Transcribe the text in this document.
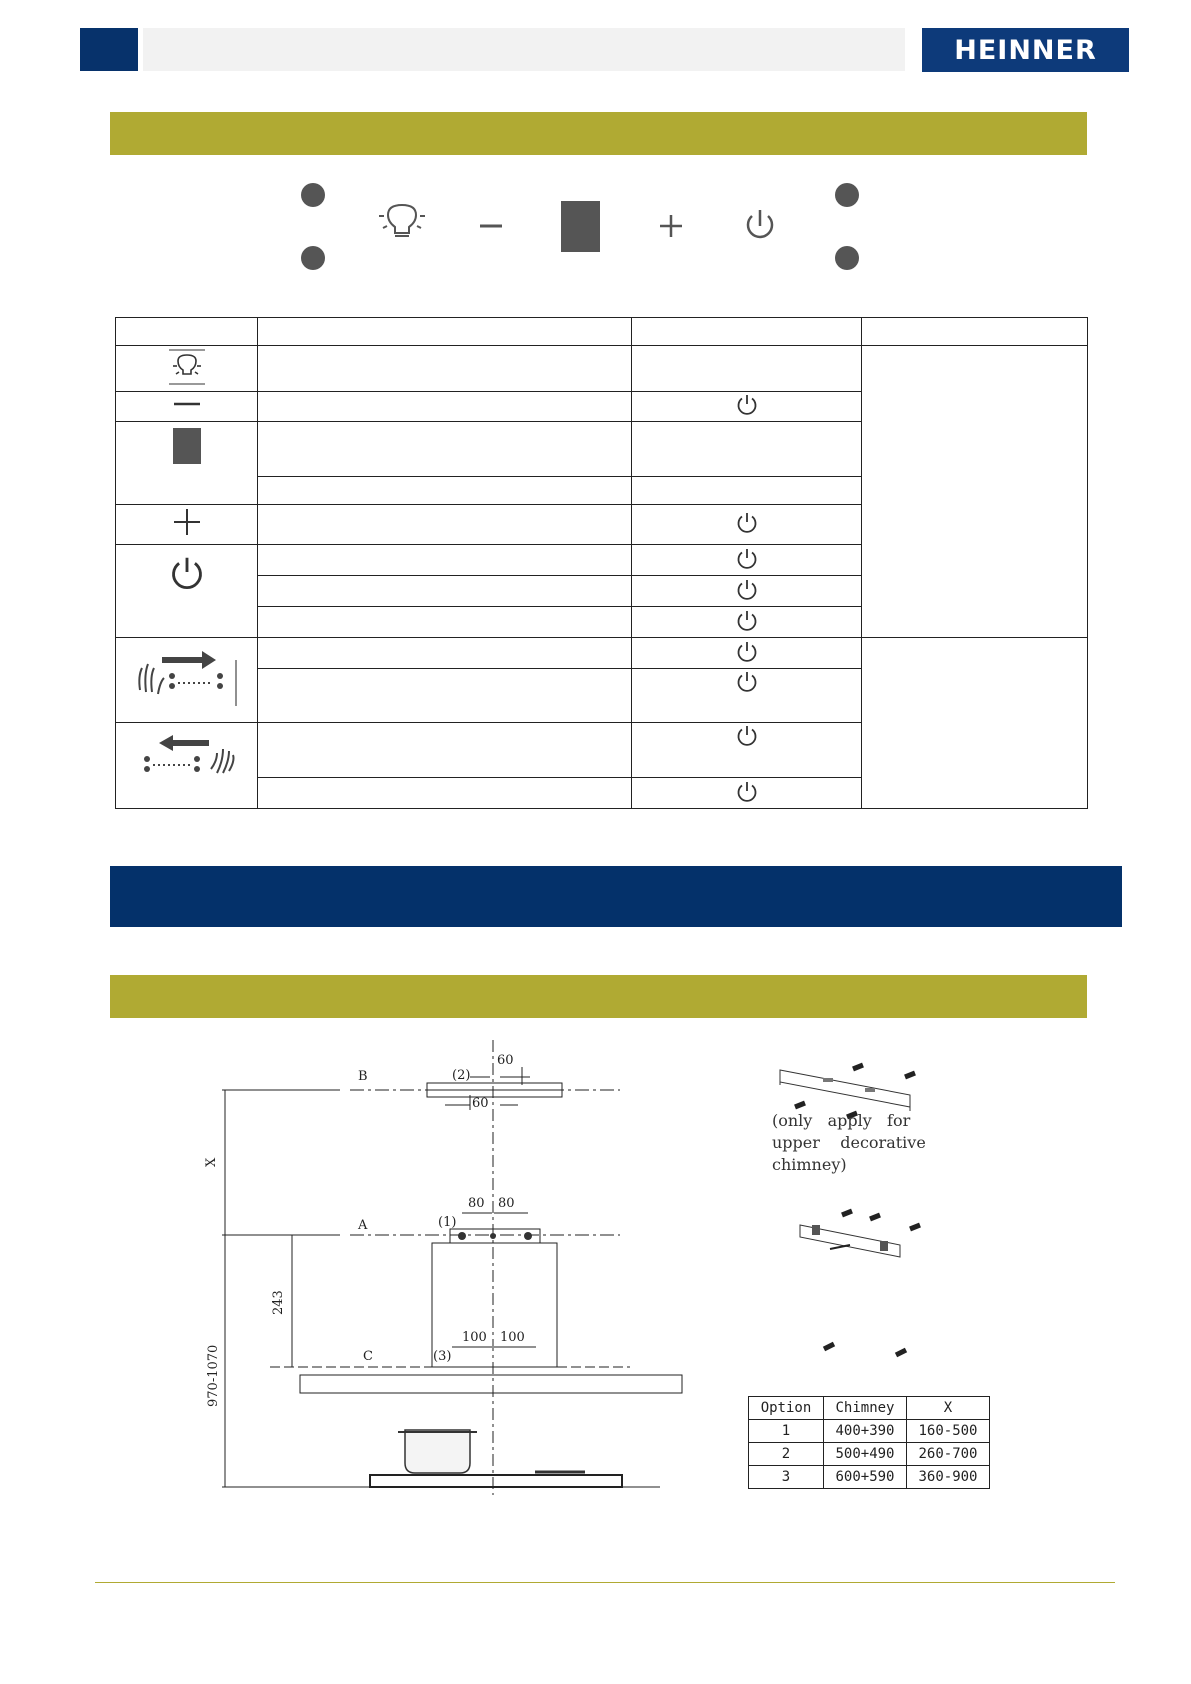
HEINNER

B	(2)
60
60
X
A	(1)
80 80
243
C	(3)
100 100
970-1070
(only   apply   for
upper    decorative
chimney)
Option	Chimney	X
1	400+390	160-500
2	500+490	260-700
3	600+590	360-900
